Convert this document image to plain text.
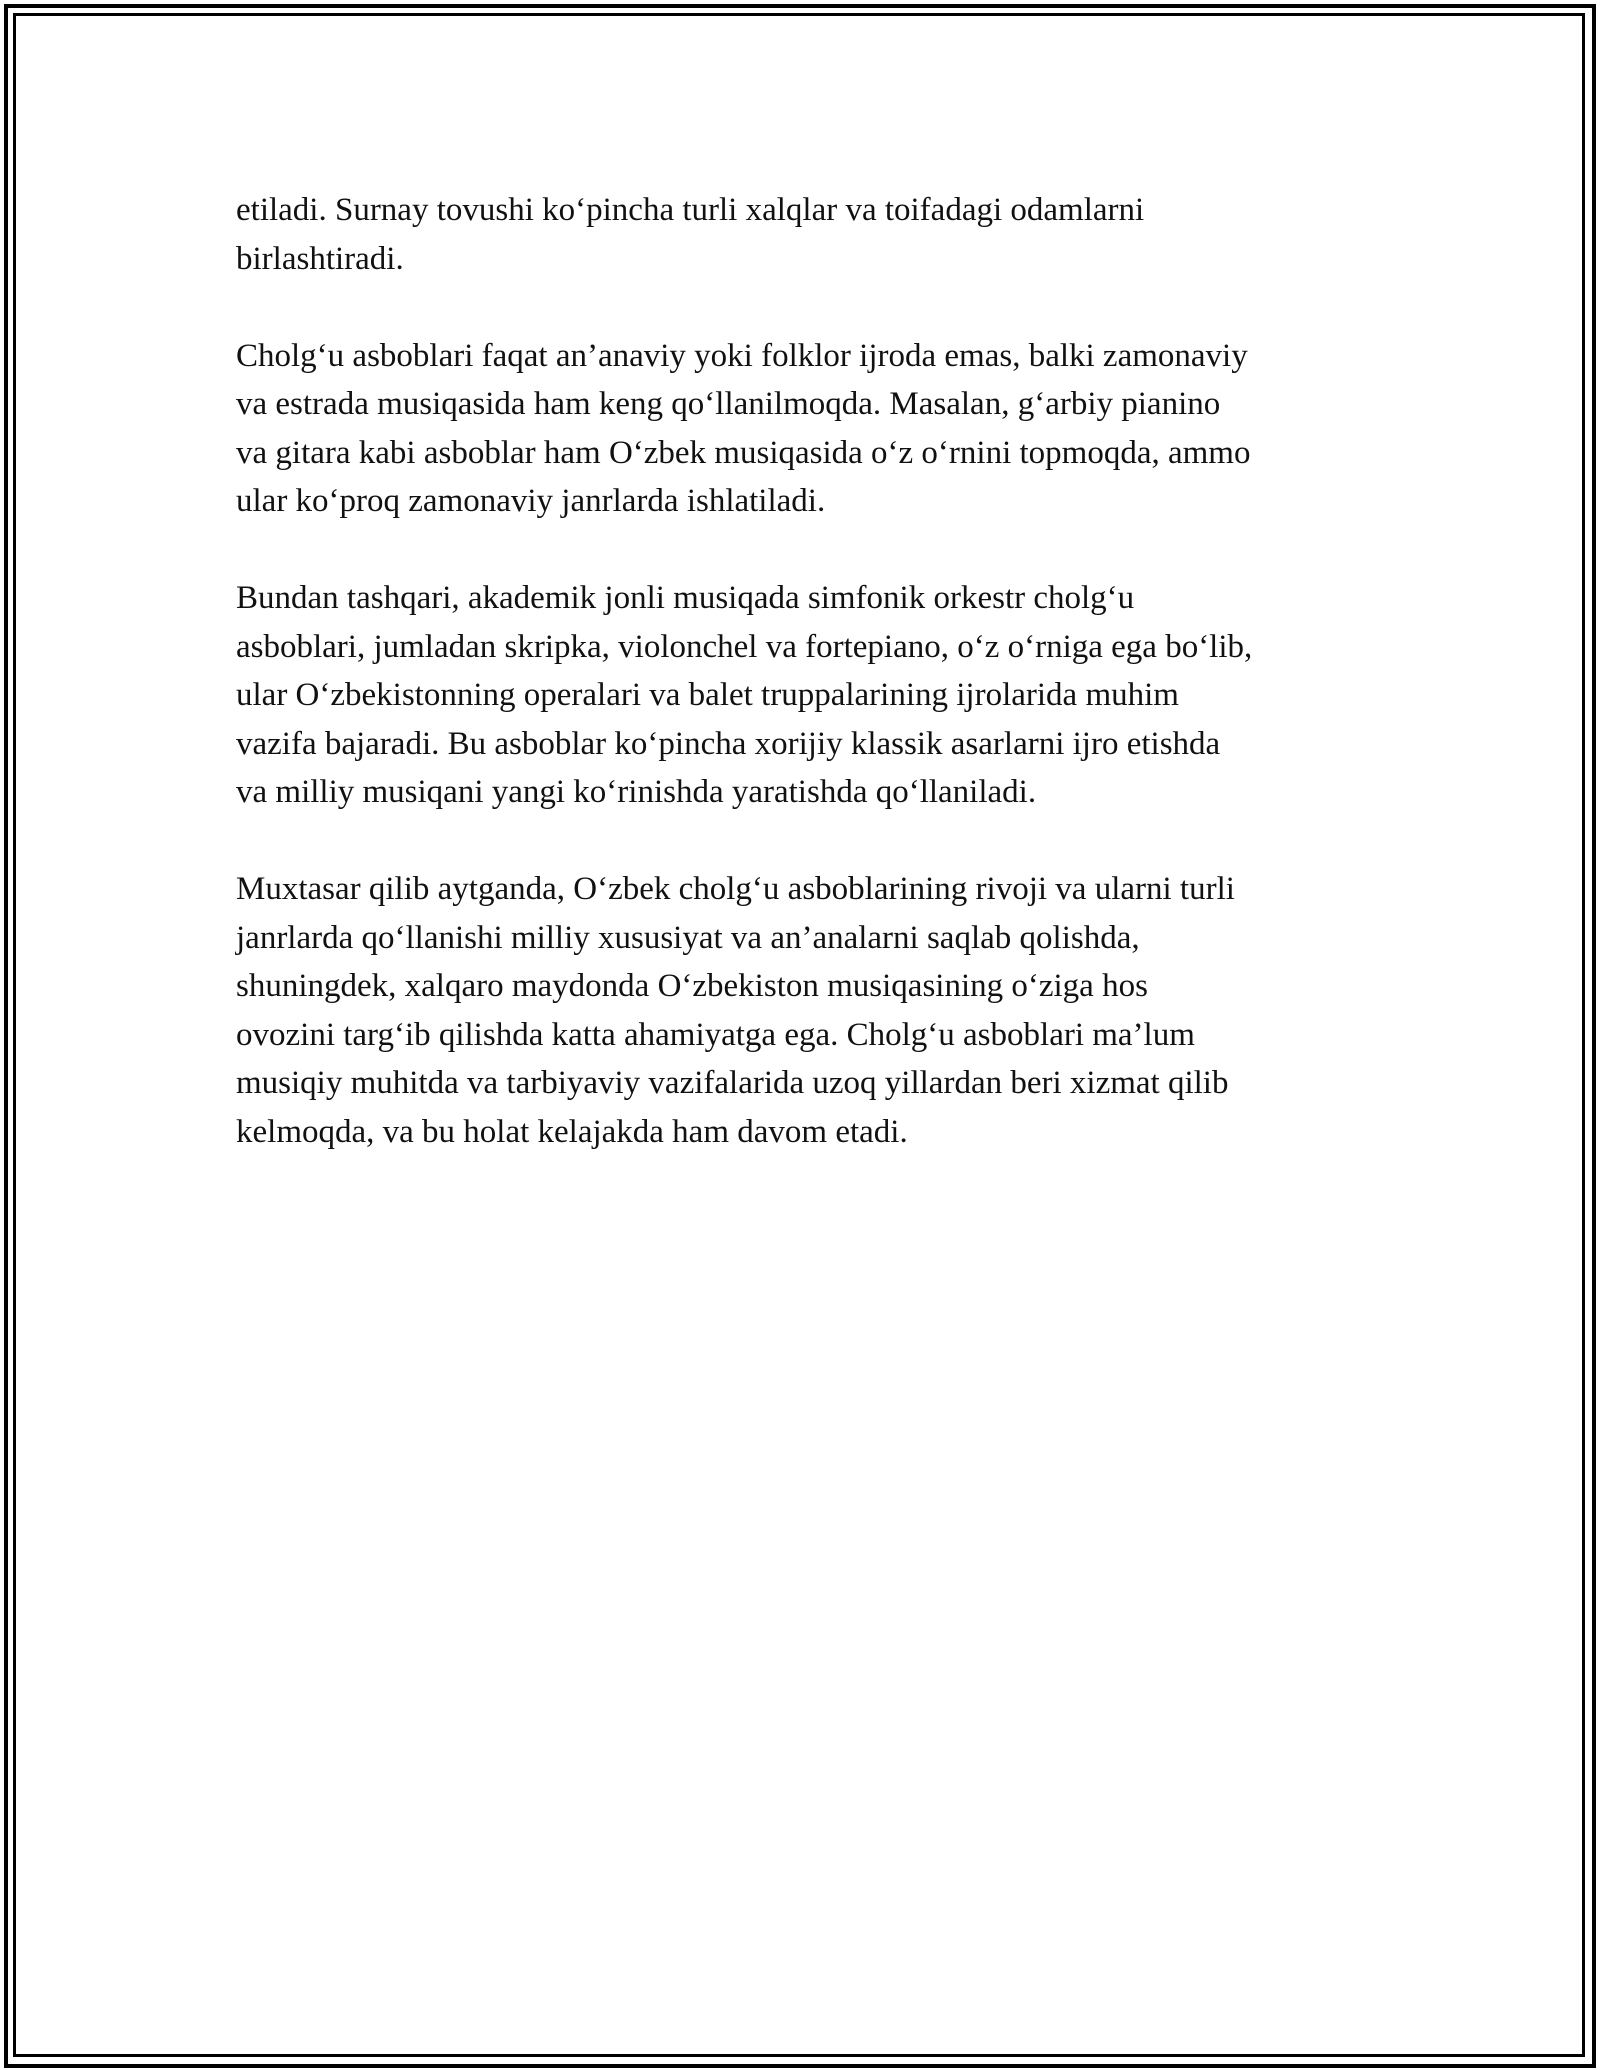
etiladi. Surnay tovushi ko‘pincha turli xalqlar va toifadagi odamlarni
birlashtiradi.

Cholg‘u asboblari faqat an’anaviy yoki folklor ijroda emas, balki zamonaviy
va estrada musiqasida ham keng qo‘llanilmoqda. Masalan, g‘arbiy pianino
va gitara kabi asboblar ham O‘zbek musiqasida o‘z o‘rnini topmoqda, ammo
ular ko‘proq zamonaviy janrlarda ishlatiladi.

Bundan tashqari, akademik jonli musiqada simfonik orkestr cholg‘u
asboblari, jumladan skripka, violonchel va fortepiano, o‘z o‘rniga ega bo‘lib,
ular O‘zbekistonning operalari va balet truppalarining ijrolarida muhim
vazifa bajaradi. Bu asboblar ko‘pincha xorijiy klassik asarlarni ijro etishda
va milliy musiqani yangi ko‘rinishda yaratishda qo‘llaniladi.

Muxtasar qilib aytganda, O‘zbek cholg‘u asboblarining rivoji va ularni turli
janrlarda qo‘llanishi milliy xususiyat va an’analarni saqlab qolishda,
shuningdek, xalqaro maydonda O‘zbekiston musiqasining o‘ziga hos
ovozini targ‘ib qilishda katta ahamiyatga ega. Cholg‘u asboblari ma’lum
musiqiy muhitda va tarbiyaviy vazifalarida uzoq yillardan beri xizmat qilib
kelmoqda, va bu holat kelajakda ham davom etadi.
